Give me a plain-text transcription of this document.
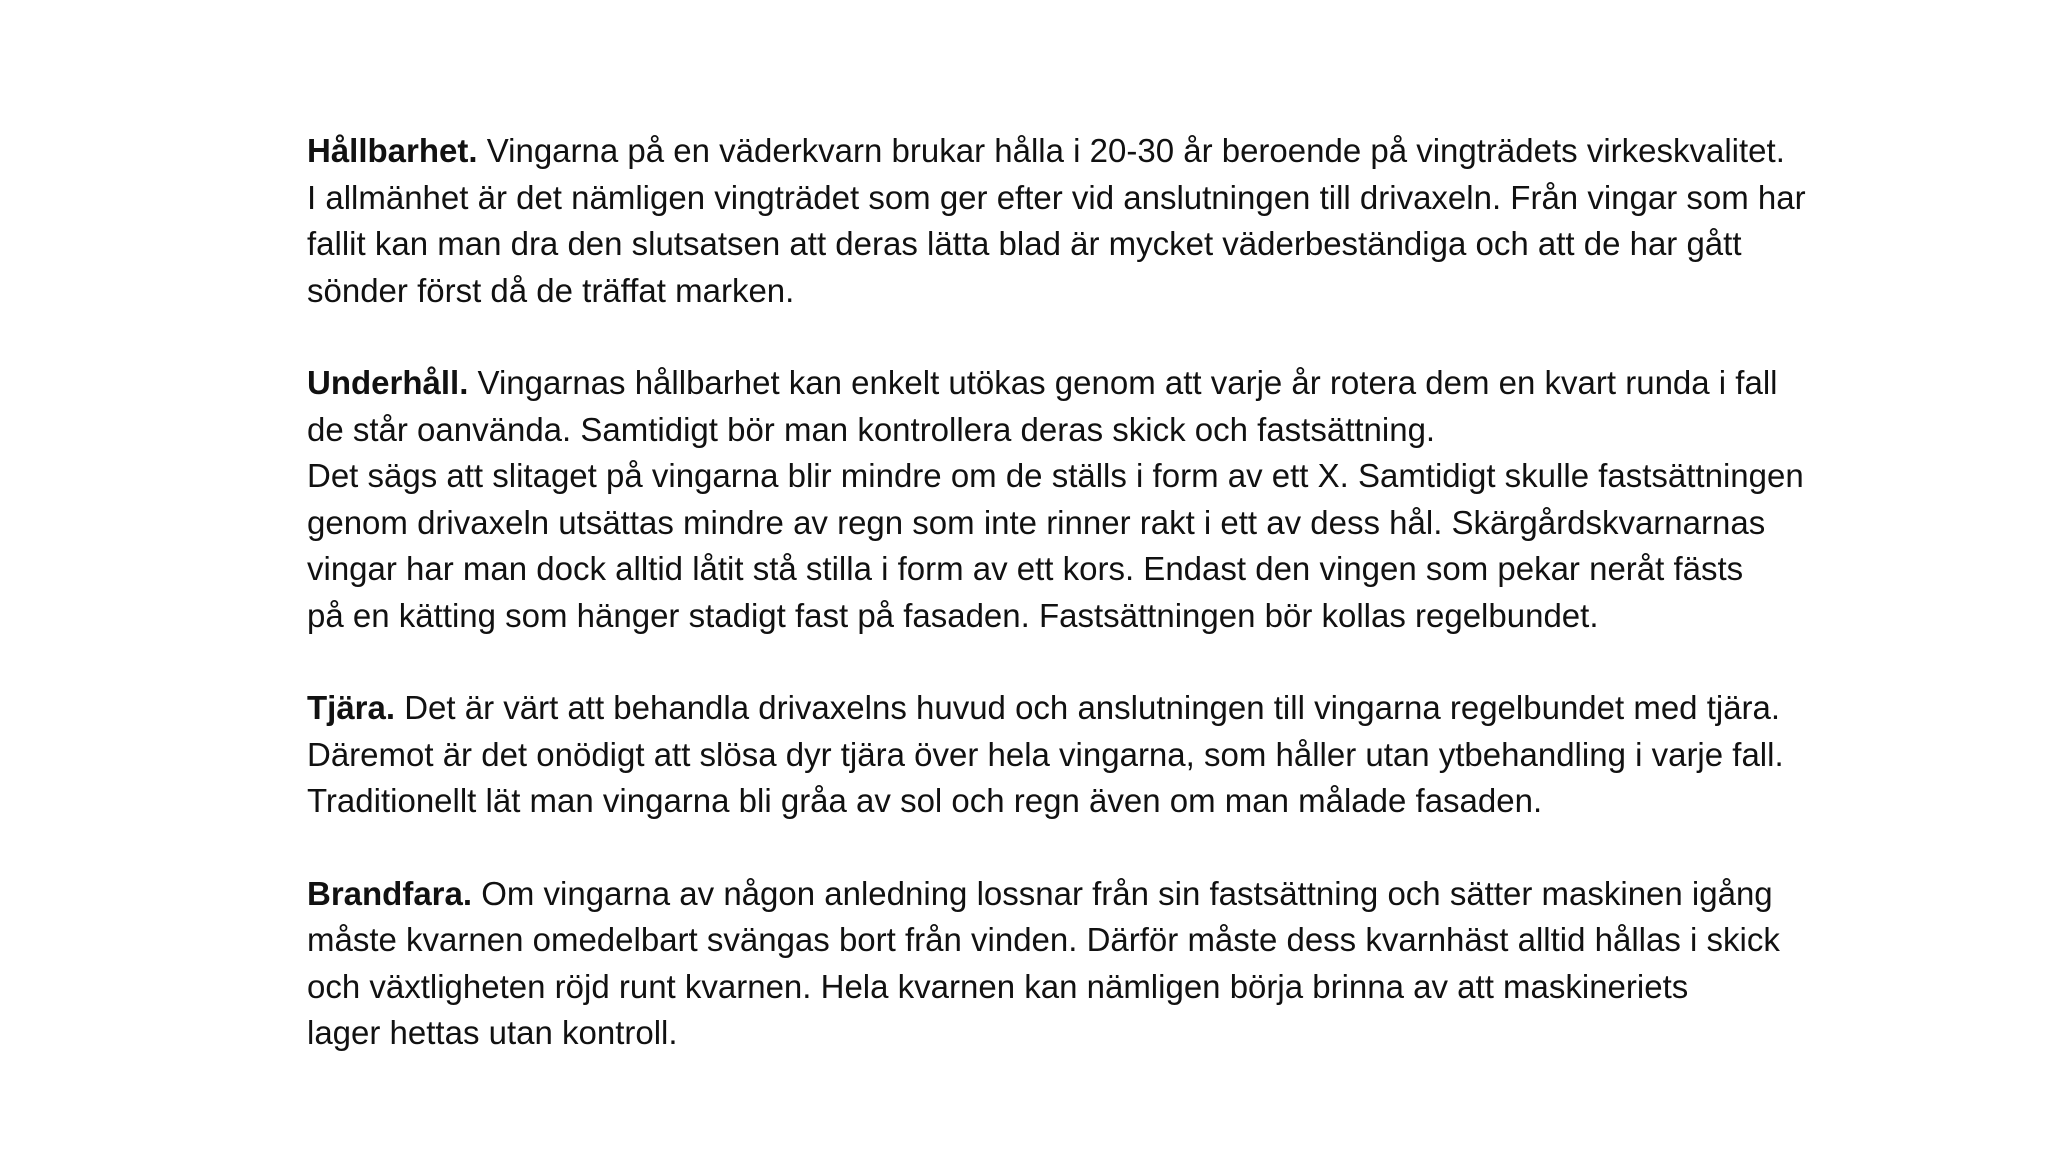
Hållbarhet. Vingarna på en väderkvarn brukar hålla i 20-30 år beroende på vingträdets virkeskvalitet.
I allmänhet är det nämligen vingträdet som ger efter vid anslutningen till drivaxeln. Från vingar som har
fallit kan man dra den slutsatsen att deras lätta blad är mycket väderbeständiga och att de har gått
sönder först då de träffat marken.
Underhåll. Vingarnas hållbarhet kan enkelt utökas genom att varje år rotera dem en kvart runda i fall
de står oanvända. Samtidigt bör man kontrollera deras skick och fastsättning.
Det sägs att slitaget på vingarna blir mindre om de ställs i form av ett X. Samtidigt skulle fastsättningen
genom drivaxeln utsättas mindre av regn som inte rinner rakt i ett av dess hål. Skärgårdskvarnarnas
vingar har man dock alltid låtit stå stilla i form av ett kors. Endast den vingen som pekar neråt fästs
på en kätting som hänger stadigt fast på fasaden. Fastsättningen bör kollas regelbundet.
Tjära. Det är värt att behandla drivaxelns huvud och anslutningen till vingarna regelbundet med tjära.
Däremot är det onödigt att slösa dyr tjära över hela vingarna, som håller utan ytbehandling i varje fall.
Traditionellt lät man vingarna bli gråa av sol och regn även om man målade fasaden.
Brandfara. Om vingarna av någon anledning lossnar från sin fastsättning och sätter maskinen igång
måste kvarnen omedelbart svängas bort från vinden. Därför måste dess kvarnhäst alltid hållas i skick
och växtligheten röjd runt kvarnen. Hela kvarnen kan nämligen börja brinna av att maskineriets
lager hettas utan kontroll.
